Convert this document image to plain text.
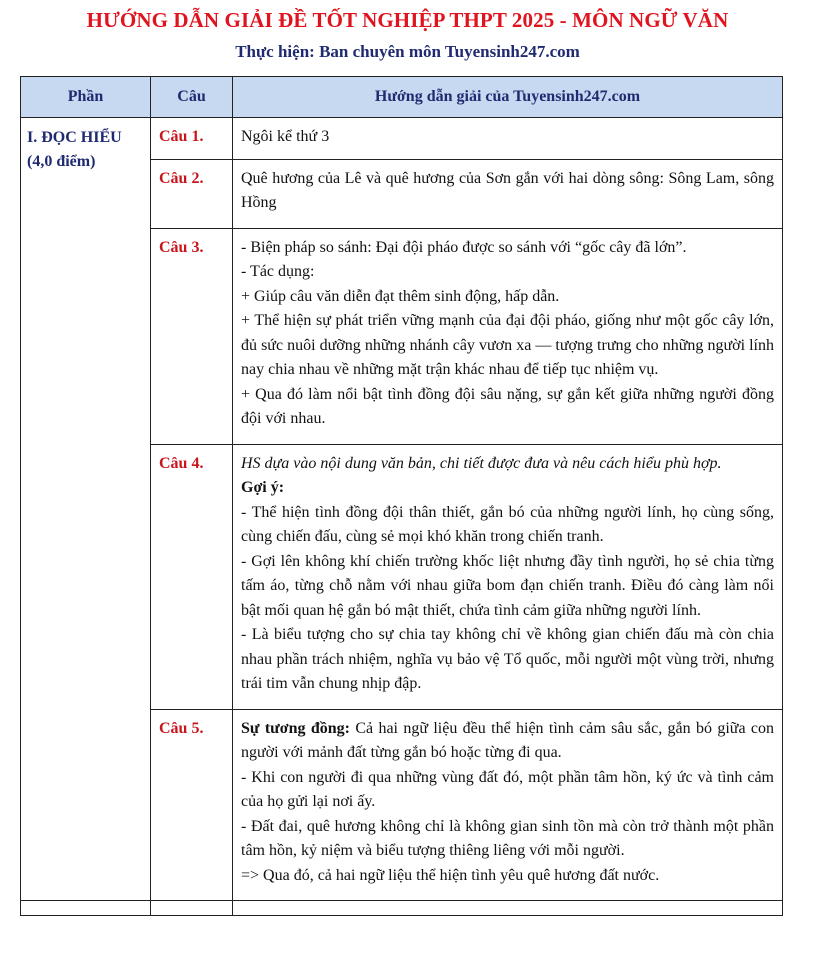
HƯỚNG DẪN GIẢI ĐỀ TỐT NGHIỆP THPT 2025 - MÔN NGỮ VĂN
Thực hiện: Ban chuyên môn Tuyensinh247.com
Phần	Câu	Hướng dẫn giải của Tuyensinh247.com

I. ĐỌC HIỂU
(4,0 điểm)	Câu 1.	Ngôi kể thứ 3

	Câu 2.	Quê hương của Lê và quê hương của Sơn gắn với hai dòng sông: Sông Lam, sông Hồng

	Câu 3.	- Biện pháp so sánh: Đại đội pháo được so sánh với “gốc cây đã lớn”.

- Tác dụng:

+ Giúp câu văn diễn đạt thêm sinh động, hấp dẫn.

+ Thể hiện sự phát triển vững mạnh của đại đội pháo, giống như một gốc cây lớn, đủ sức nuôi dưỡng những nhánh cây vươn xa — tượng trưng cho những người lính nay chia nhau về những mặt trận khác nhau để tiếp tục nhiệm vụ.

+ Qua đó làm nổi bật tình đồng đội sâu nặng, sự gắn kết giữa những người đồng đội với nhau.

	Câu 4.	HS dựa vào nội dung văn bản, chi tiết được đưa và nêu cách hiểu phù hợp.

Gợi ý:

- Thể hiện tình đồng đội thân thiết, gắn bó của những người lính, họ cùng sống, cùng chiến đấu, cùng sẻ mọi khó khăn trong chiến tranh.

- Gợi lên không khí chiến trường khốc liệt nhưng đầy tình người, họ sẻ chia từng tấm áo, từng chỗ nằm với nhau giữa bom đạn chiến tranh. Điều đó càng làm nổi bật mối quan hệ gắn bó mật thiết, chứa tình cảm giữa những người lính.

- Là biểu tượng cho sự chia tay không chỉ về không gian chiến đấu mà còn chia nhau phần trách nhiệm, nghĩa vụ bảo vệ Tổ quốc, mỗi người một vùng trời, nhưng trái tim vẫn chung nhịp đập.

	Câu 5.	Sự tương đồng: Cả hai ngữ liệu đều thể hiện tình cảm sâu sắc, gắn bó giữa con người với mảnh đất từng gắn bó hoặc từng đi qua.

- Khi con người đi qua những vùng đất đó, một phần tâm hồn, ký ức và tình cảm của họ gửi lại nơi ấy.

- Đất đai, quê hương không chỉ là không gian sinh tồn mà còn trở thành một phần tâm hồn, kỷ niệm và biểu tượng thiêng liêng với mỗi người.

=> Qua đó, cả hai ngữ liệu thể hiện tình yêu quê hương đất nước.
